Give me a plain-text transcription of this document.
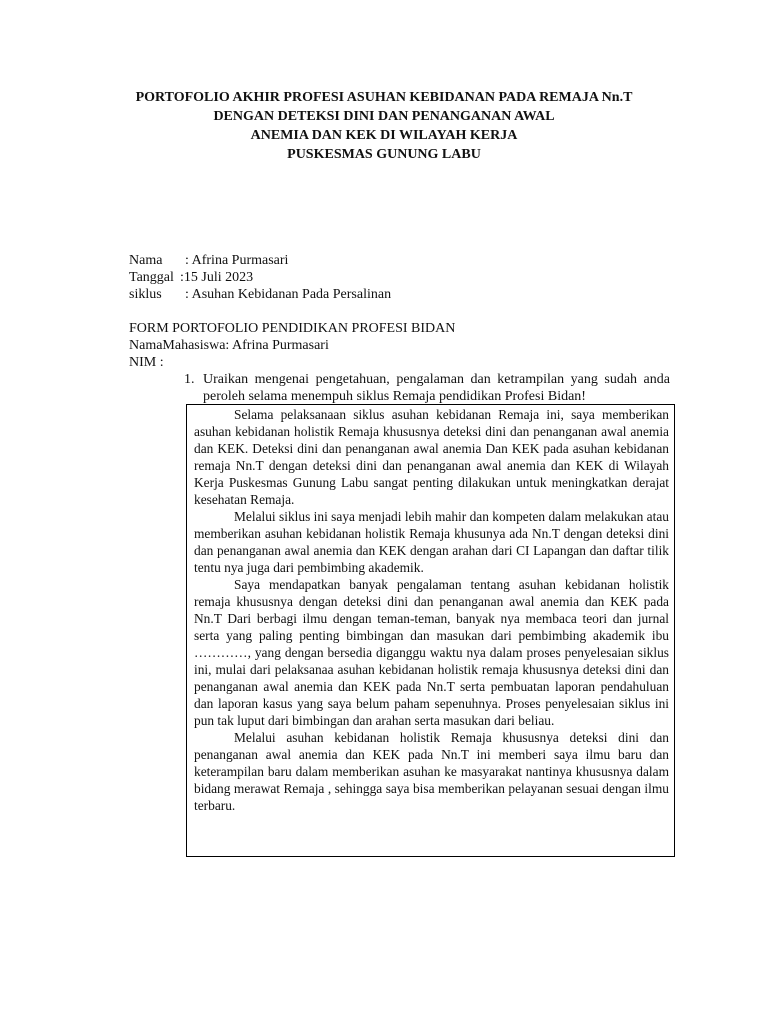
PORTOFOLIO AKHIR PROFESI ASUHAN KEBIDANAN PADA REMAJA Nn.T
DENGAN DETEKSI DINI DAN PENANGANAN AWAL
ANEMIA DAN KEK DI WILAYAH KERJA
PUSKESMAS GUNUNG LABU
Nama : Afrina Purmasari
Tanggal :15 Juli 2023
siklus : Asuhan Kebidanan Pada Persalinan
FORM PORTOFOLIO PENDIDIKAN PROFESI BIDAN
NamaMahasiswa: Afrina Purmasari
NIM :
1. Uraikan mengenai pengetahuan, pengalaman dan ketrampilan yang sudah anda peroleh selama menempuh siklus Remaja pendidikan Profesi Bidan!

Selama pelaksanaan siklus asuhan kebidanan Remaja ini, saya memberikan asuhan kebidanan holistik Remaja khususnya deteksi dini dan penanganan awal anemia dan KEK. Deteksi dini dan penanganan awal anemia Dan KEK pada asuhan kebidanan remaja Nn.T dengan deteksi dini dan penanganan awal anemia dan KEK di Wilayah Kerja Puskesmas Gunung Labu sangat penting dilakukan untuk meningkatkan derajat kesehatan Remaja.

Melalui siklus ini saya menjadi lebih mahir dan kompeten dalam melakukan atau memberikan asuhan kebidanan holistik Remaja khusunya ada Nn.T dengan deteksi dini dan penanganan awal anemia dan KEK dengan arahan dari CI Lapangan dan daftar tilik tentu nya juga dari pembimbing akademik.

Saya mendapatkan banyak pengalaman tentang asuhan kebidanan holistik remaja khususnya dengan deteksi dini dan penanganan awal anemia dan KEK pada Nn.T Dari berbagi ilmu dengan teman-teman, banyak nya membaca teori dan jurnal serta yang paling penting bimbingan dan masukan dari pembimbing akademik ibu …………, yang dengan bersedia diganggu waktu nya dalam proses penyelesaian siklus ini, mulai dari pelaksanaa asuhan kebidanan holistik remaja khususnya deteksi dini dan penanganan awal anemia dan KEK pada Nn.T serta pembuatan laporan pendahuluan dan laporan kasus yang saya belum paham sepenuhnya. Proses penyelesaian siklus ini pun tak luput dari bimbingan dan arahan serta masukan dari beliau.

Melalui asuhan kebidanan holistik Remaja khususnya deteksi dini dan penanganan awal anemia dan KEK pada Nn.T ini memberi saya ilmu baru dan keterampilan baru dalam memberikan asuhan ke masyarakat nantinya khususnya dalam bidang merawat Remaja , sehingga saya bisa memberikan pelayanan sesuai dengan ilmu terbaru.
